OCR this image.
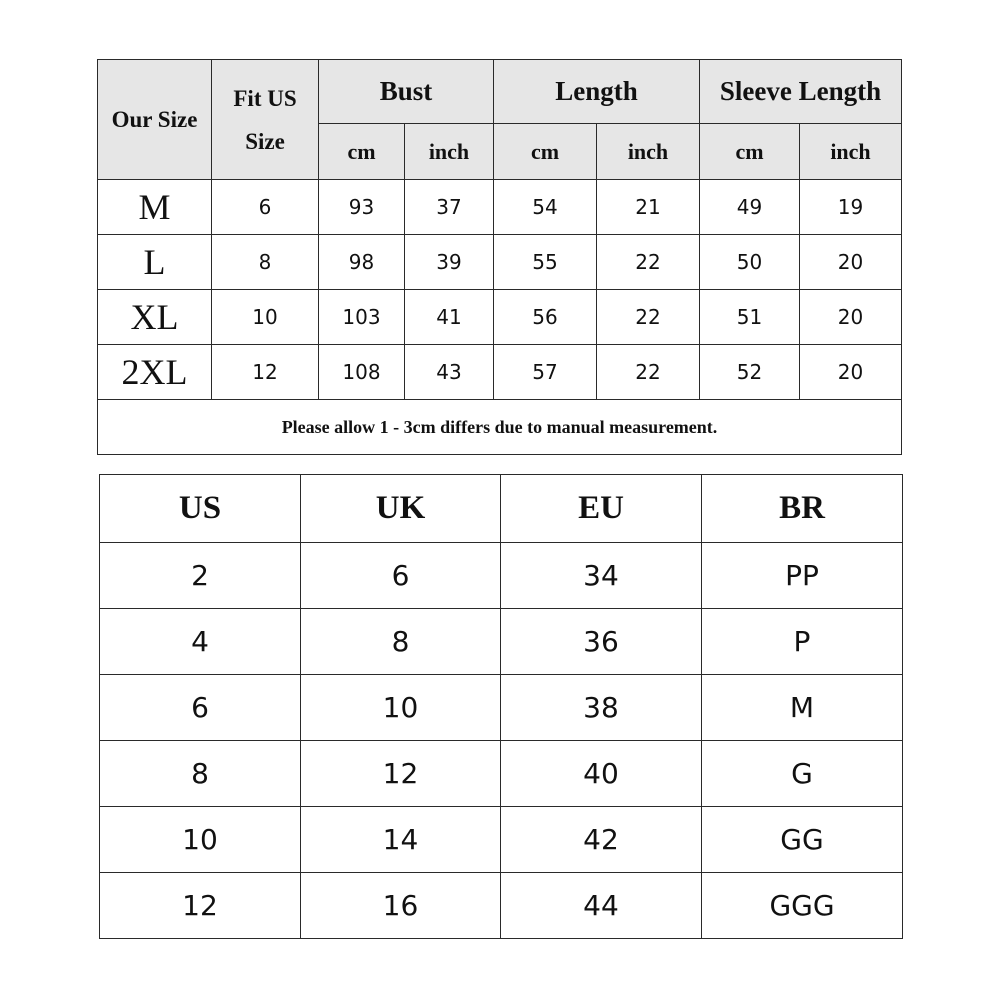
Our Size	Fit US Size	Bust		Length		Sleeve Length	
		cm	inch	cm	inch	cm	inch
M	6	93	37	54	21	49	19
L	8	98	39	55	22	50	20
XL	10	103	41	56	22	51	20
2XL	12	108	43	57	22	52	20
Please allow 1 - 3cm differs due to manual measurement.							
US	UK	EU	BR
2	6	34	PP
4	8	36	P
6	10	38	M
8	12	40	G
10	14	42	GG
12	16	44	GGG
